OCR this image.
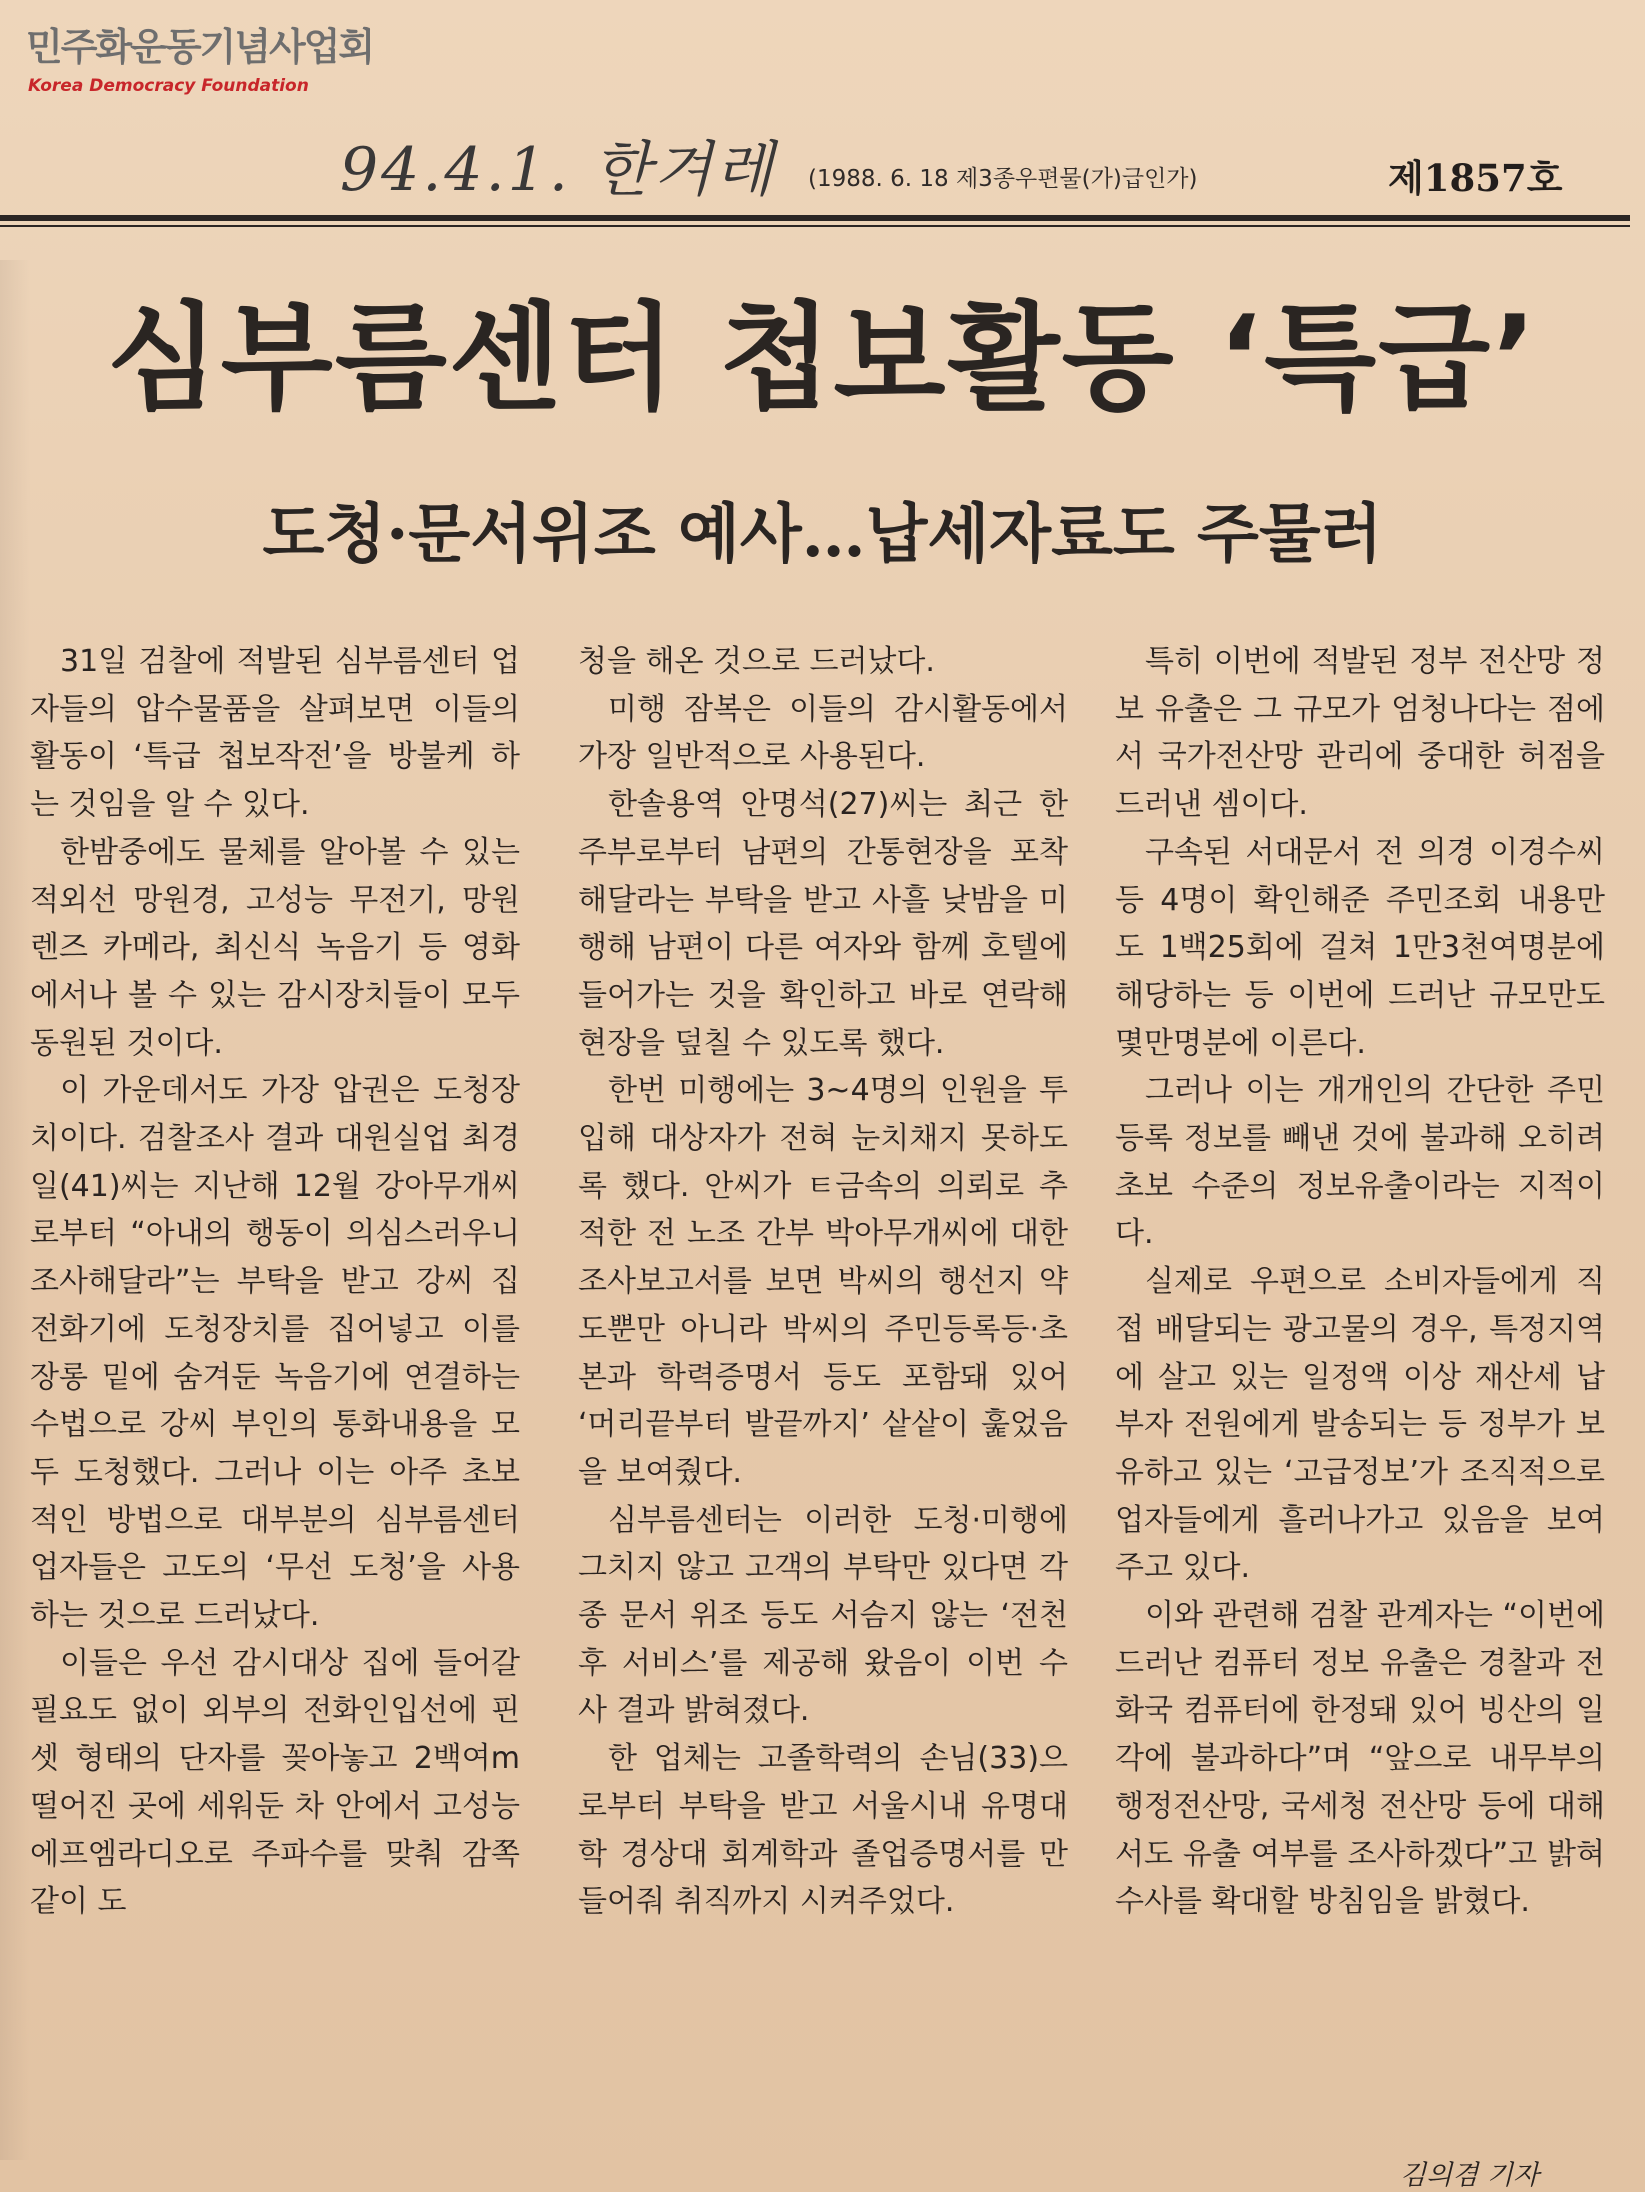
민주화운동기념사업회
Korea Democracy Foundation
94.4.1. 한겨레 (1988. 6. 18 제3종우편물(가)급인가)	제1857호
심부름센터 첩보활동 ‘특급’
도청·문서위조 예사…납세자료도 주물러

31일 검찰에 적발된 심부름센터 업자들의 압수물품을 살펴보면 이들의 활동이 ‘특급 첩보작전’을 방불케 하는 것임을 알 수 있다.

한밤중에도 물체를 알아볼 수 있는 적외선 망원경, 고성능 무전기, 망원렌즈 카메라, 최신식 녹음기 등 영화에서나 볼 수 있는 감시장치들이 모두 동원된 것이다.

이 가운데서도 가장 압권은 도청장치이다. 검찰조사 결과 대원실업 최경일(41)씨는 지난해 12월 강아무개씨로부터 “아내의 행동이 의심스러우니 조사해달라”는 부탁을 받고 강씨 집 전화기에 도청장치를 집어넣고 이를 장롱 밑에 숨겨둔 녹음기에 연결하는 수법으로 강씨 부인의 통화내용을 모두 도청했다. 그러나 이는 아주 초보적인 방법으로 대부분의 심부름센터 업자들은 고도의 ‘무선 도청’을 사용하는 것으로 드러났다.

이들은 우선 감시대상 집에 들어갈 필요도 없이 외부의 전화인입선에 핀셋 형태의 단자를 꽂아놓고 2백여m 떨어진 곳에 세워둔 차 안에서 고성능 에프엠라디오로 주파수를 맞춰 감쪽같이 도

청을 해온 것으로 드러났다.

미행 잠복은 이들의 감시활동에서 가장 일반적으로 사용된다.

한솔용역 안명석(27)씨는 최근 한 주부로부터 남편의 간통현장을 포착해달라는 부탁을 받고 사흘 낮밤을 미행해 남편이 다른 여자와 함께 호텔에 들어가는 것을 확인하고 바로 연락해 현장을 덮칠 수 있도록 했다.

한번 미행에는 3~4명의 인원을 투입해 대상자가 전혀 눈치채지 못하도록 했다. 안씨가 ㅌ금속의 의뢰로 추적한 전 노조 간부 박아무개씨에 대한 조사보고서를 보면 박씨의 행선지 약도뿐만 아니라 박씨의 주민등록등·초본과 학력증명서 등도 포함돼 있어 ‘머리끝부터 발끝까지’ 샅샅이 훑었음을 보여줬다.

심부름센터는 이러한 도청·미행에 그치지 않고 고객의 부탁만 있다면 각종 문서 위조 등도 서슴지 않는 ‘전천후 서비스’를 제공해 왔음이 이번 수사 결과 밝혀졌다.

한 업체는 고졸학력의 손님(33)으로부터 부탁을 받고 서울시내 유명대학 경상대 회계학과 졸업증명서를 만들어줘 취직까지 시켜주었다.

특히 이번에 적발된 정부 전산망 정보 유출은 그 규모가 엄청나다는 점에서 국가전산망 관리에 중대한 허점을 드러낸 셈이다.

구속된 서대문서 전 의경 이경수씨 등 4명이 확인해준 주민조회 내용만도 1백25회에 걸쳐 1만3천여명분에 해당하는 등 이번에 드러난 규모만도 몇만명분에 이른다.

그러나 이는 개개인의 간단한 주민등록 정보를 빼낸 것에 불과해 오히려 초보 수준의 정보유출이라는 지적이다.

실제로 우편으로 소비자들에게 직접 배달되는 광고물의 경우, 특정지역에 살고 있는 일정액 이상 재산세 납부자 전원에게 발송되는 등 정부가 보유하고 있는 ‘고급정보’가 조직적으로 업자들에게 흘러나가고 있음을 보여주고 있다.

이와 관련해 검찰 관계자는 “이번에 드러난 컴퓨터 정보 유출은 경찰과 전화국 컴퓨터에 한정돼 있어 빙산의 일각에 불과하다”며 “앞으로 내무부의 행정전산망, 국세청 전산망 등에 대해서도 유출 여부를 조사하겠다”고 밝혀 수사를 확대할 방침임을 밝혔다.

김의겸 기자
